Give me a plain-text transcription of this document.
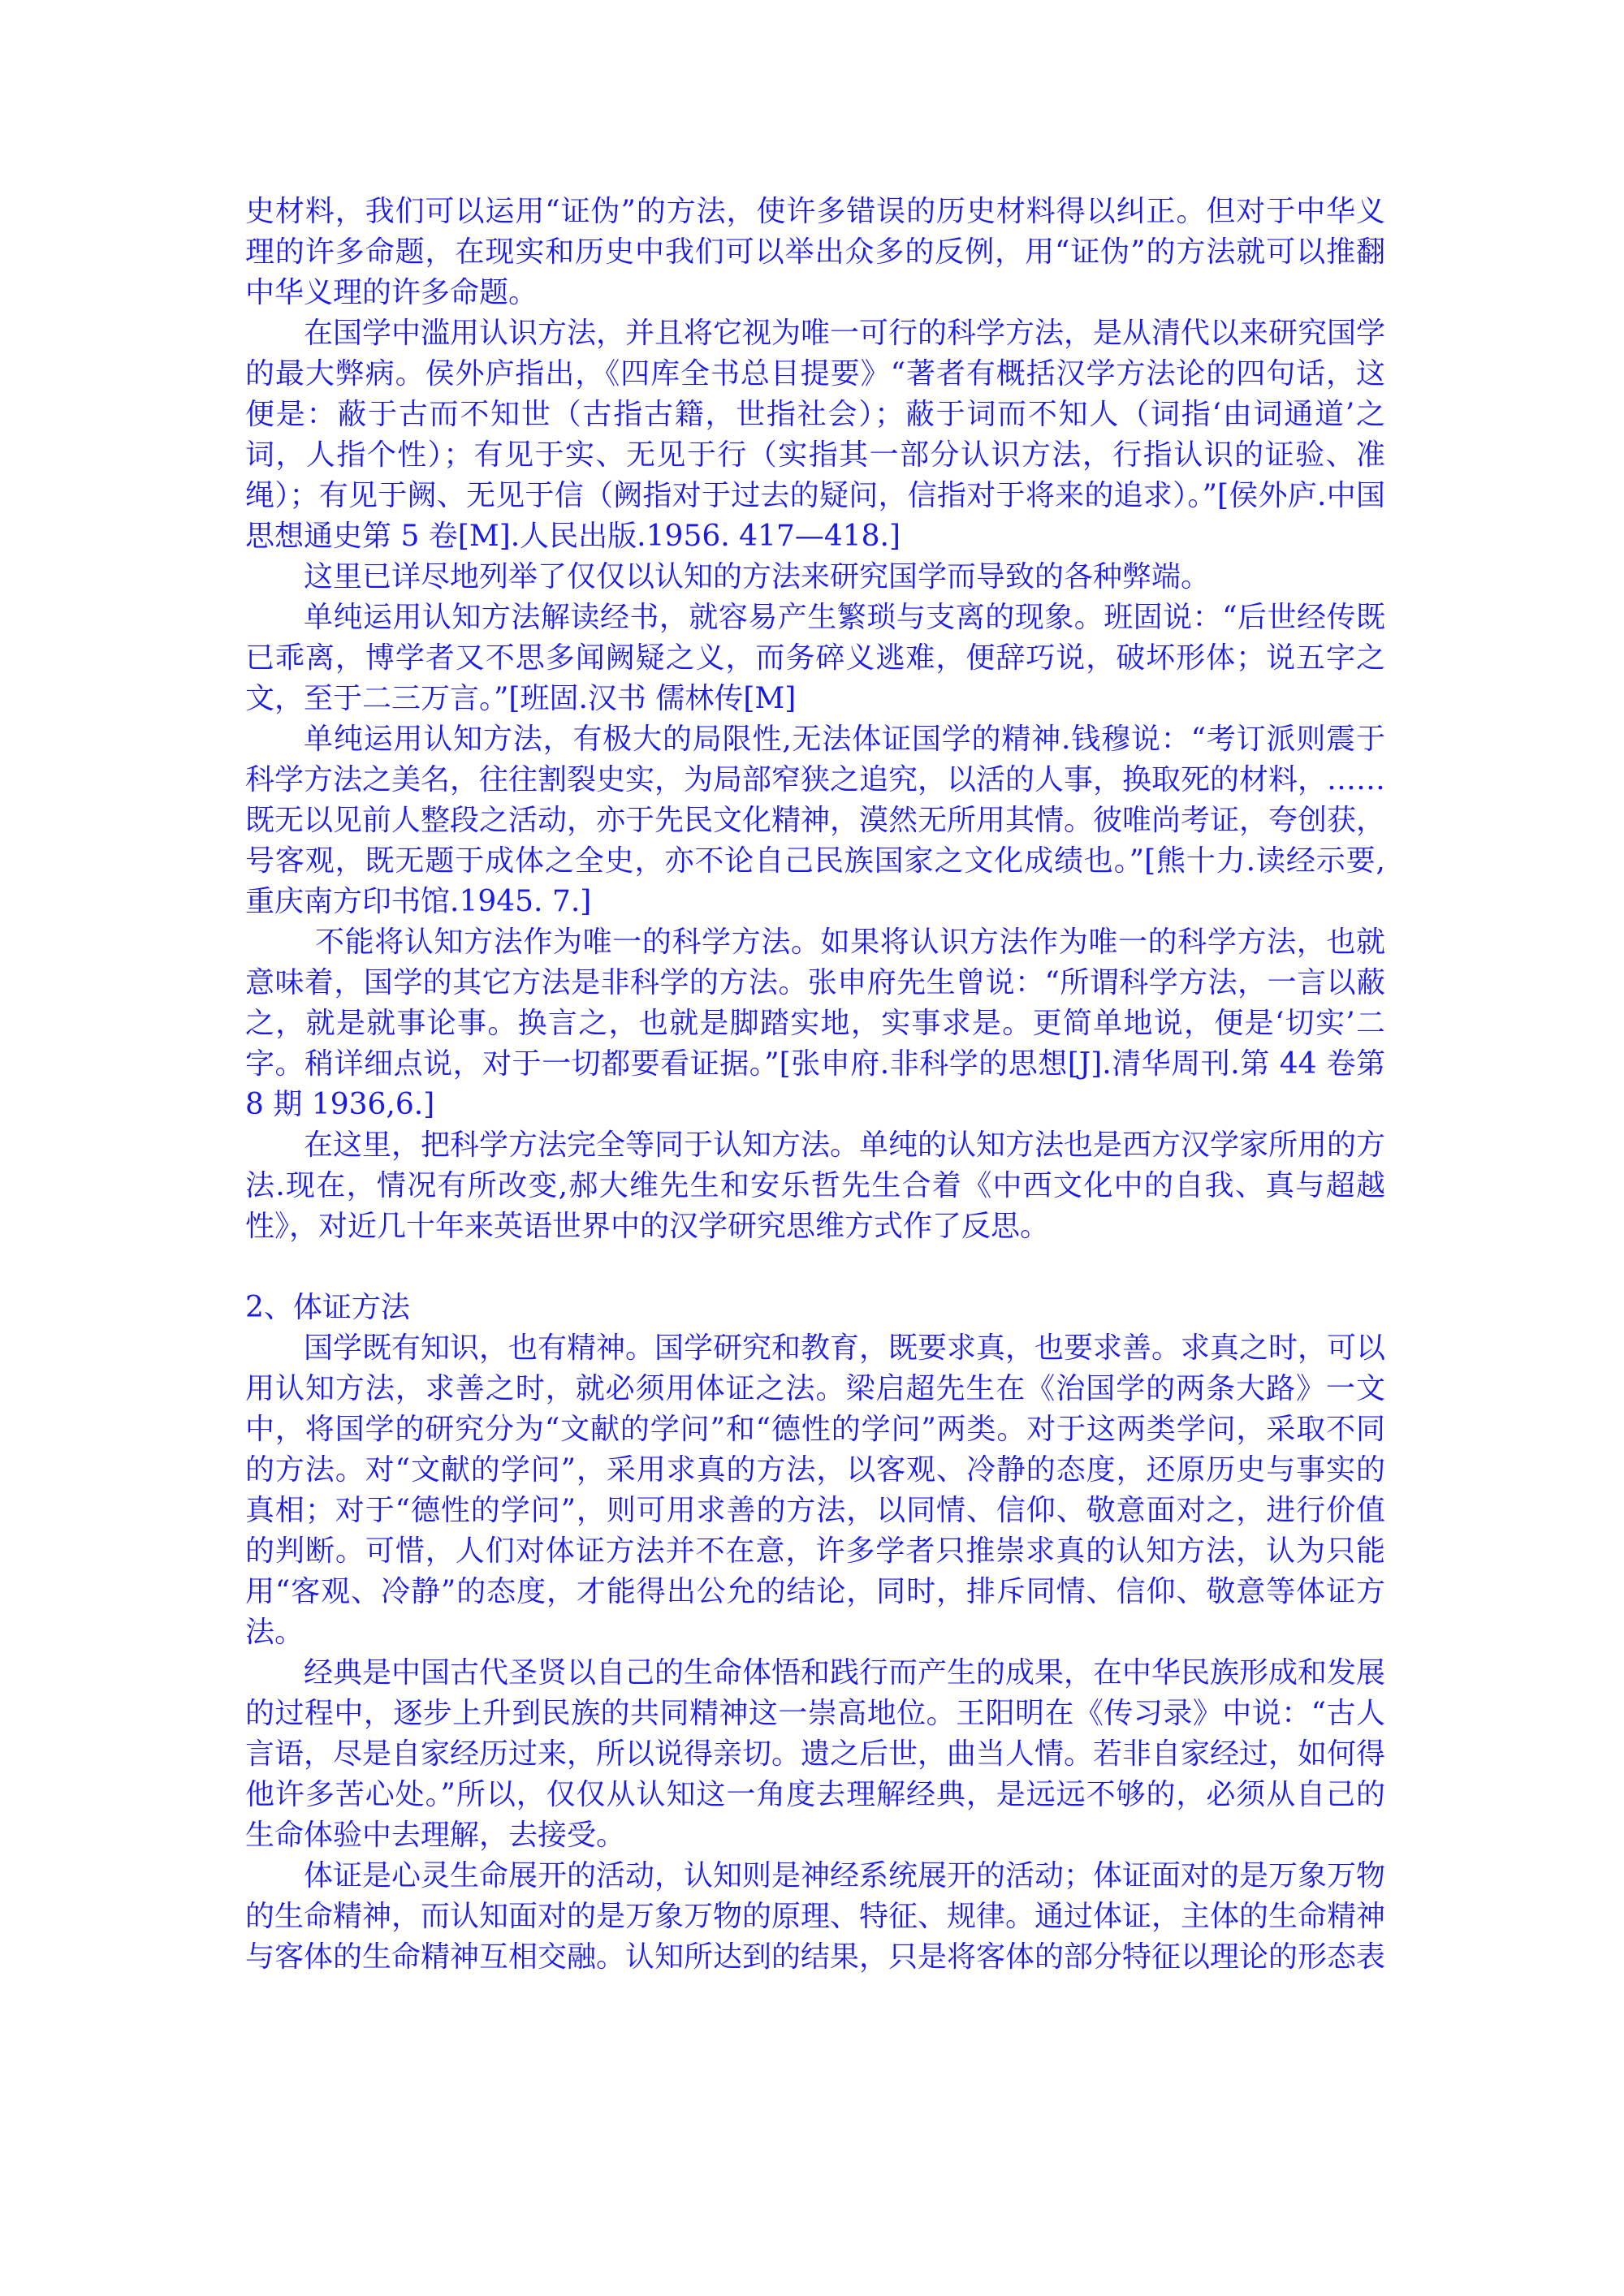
史材料，我们可以运用“证伪”的方法，使许多错误的历史材料得以纠正。但对于中华义理的许多命题，在现实和历史中我们可以举出众多的反例，用“证伪”的方法就可以推翻中华义理的许多命题。

在国学中滥用认识方法，并且将它视为唯一可行的科学方法，是从清代以来研究国学的最大弊病。侯外庐指出，《四库全书总目提要》“著者有概括汉学方法论的四句话，这便是：蔽于古而不知世（古指古籍，世指社会）；蔽于词而不知人（词指‘由词通道’之词，人指个性）；有见于实、无见于行（实指其一部分认识方法，行指认识的证验、准绳）；有见于阙、无见于信（阙指对于过去的疑问，信指对于将来的追求）。”[侯外庐.中国思想通史第 5 卷[M].人民出版.1956. 417—418.]

这里已详尽地列举了仅仅以认知的方法来研究国学而导致的各种弊端。

单纯运用认知方法解读经书，就容易产生繁琐与支离的现象。班固说：“后世经传既已乖离，博学者又不思多闻阙疑之义，而务碎义逃难，便辞巧说，破坏形体；说五字之文，至于二三万言。”[班固.汉书 儒林传[M]

单纯运用认知方法，有极大的局限性,无法体证国学的精神.钱穆说：“考订派则震于科学方法之美名，往往割裂史实，为局部窄狭之追究，以活的人事，换取死的材料，……既无以见前人整段之活动，亦于先民文化精神，漠然无所用其情。彼唯尚考证，夸创获，号客观，既无题于成体之全史，亦不论自己民族国家之文化成绩也。”[熊十力.读经示要,重庆南方印书馆.1945. 7.]

不能将认知方法作为唯一的科学方法。如果将认识方法作为唯一的科学方法，也就意味着，国学的其它方法是非科学的方法。张申府先生曾说：“所谓科学方法，一言以蔽之，就是就事论事。换言之，也就是脚踏实地，实事求是。更简单地说，便是‘切实’二字。稍详细点说，对于一切都要看证据。”[张申府.非科学的思想[J].清华周刊.第 44 卷第 8 期 1936,6.]

在这里，把科学方法完全等同于认知方法。单纯的认知方法也是西方汉学家所用的方法.现在，情况有所改变,郝大维先生和安乐哲先生合着《中西文化中的自我、真与超越性》，对近几十年来英语世界中的汉学研究思维方式作了反思。

2、体证方法

国学既有知识，也有精神。国学研究和教育，既要求真，也要求善。求真之时，可以用认知方法，求善之时，就必须用体证之法。梁启超先生在《治国学的两条大路》一文中，将国学的研究分为“文献的学问”和“德性的学问”两类。对于这两类学问，采取不同的方法。对“文献的学问”，采用求真的方法，以客观、冷静的态度，还原历史与事实的真相；对于“德性的学问”，则可用求善的方法，以同情、信仰、敬意面对之，进行价值的判断。可惜，人们对体证方法并不在意，许多学者只推崇求真的认知方法，认为只能用“客观、冷静”的态度，才能得出公允的结论，同时，排斥同情、信仰、敬意等体证方法。

经典是中国古代圣贤以自己的生命体悟和践行而产生的成果，在中华民族形成和发展的过程中，逐步上升到民族的共同精神这一崇高地位。王阳明在《传习录》中说：“古人言语，尽是自家经历过来，所以说得亲切。遗之后世，曲当人情。若非自家经过，如何得他许多苦心处。”所以，仅仅从认知这一角度去理解经典，是远远不够的，必须从自己的生命体验中去理解，去接受。

体证是心灵生命展开的活动，认知则是神经系统展开的活动；体证面对的是万象万物的生命精神，而认知面对的是万象万物的原理、特征、规律。通过体证，主体的生命精神与客体的生命精神互相交融。认知所达到的结果，只是将客体的部分特征以理论的形态表
